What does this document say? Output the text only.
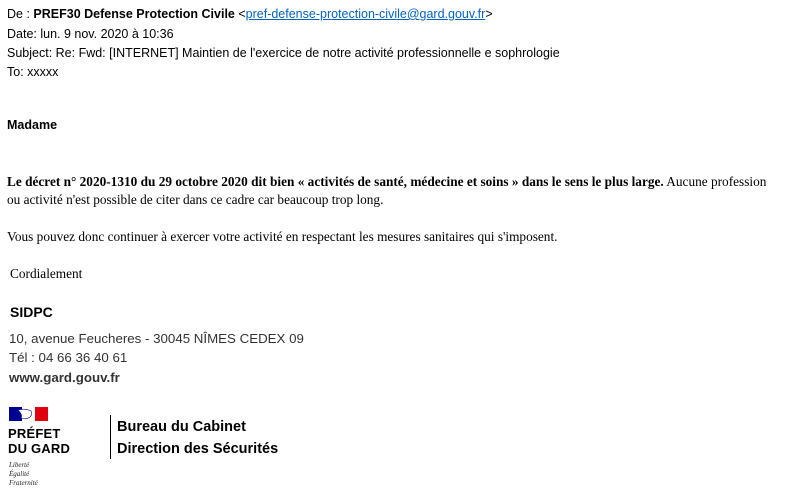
De : PREF30 Defense Protection Civile <pref-defense-protection-civile@gard.gouv.fr>
Date: lun. 9 nov. 2020 à 10:36
Subject: Re: Fwd: [INTERNET] Maintien de l'exercice de notre activité professionnelle e sophrologie
To: xxxxx
Madame
Le décret n° 2020-1310 du 29 octobre 2020 dit bien « activités de santé, médecine et soins » dans le sens le plus large. Aucune profession ou activité n'est possible de citer dans ce cadre car beaucoup trop long.
Vous pouvez donc continuer à exercer votre activité en respectant les mesures sanitaires qui s'imposent.
Cordialement
SIDPC
10, avenue Feucheres - 30045 NÎMES CEDEX 09
Tél : 04 66 36 40 61
www.gard.gouv.fr
PRÉFET
DU GARD
Liberté
Égalité
Fraternité
Bureau du Cabinet
Direction des Sécurités
